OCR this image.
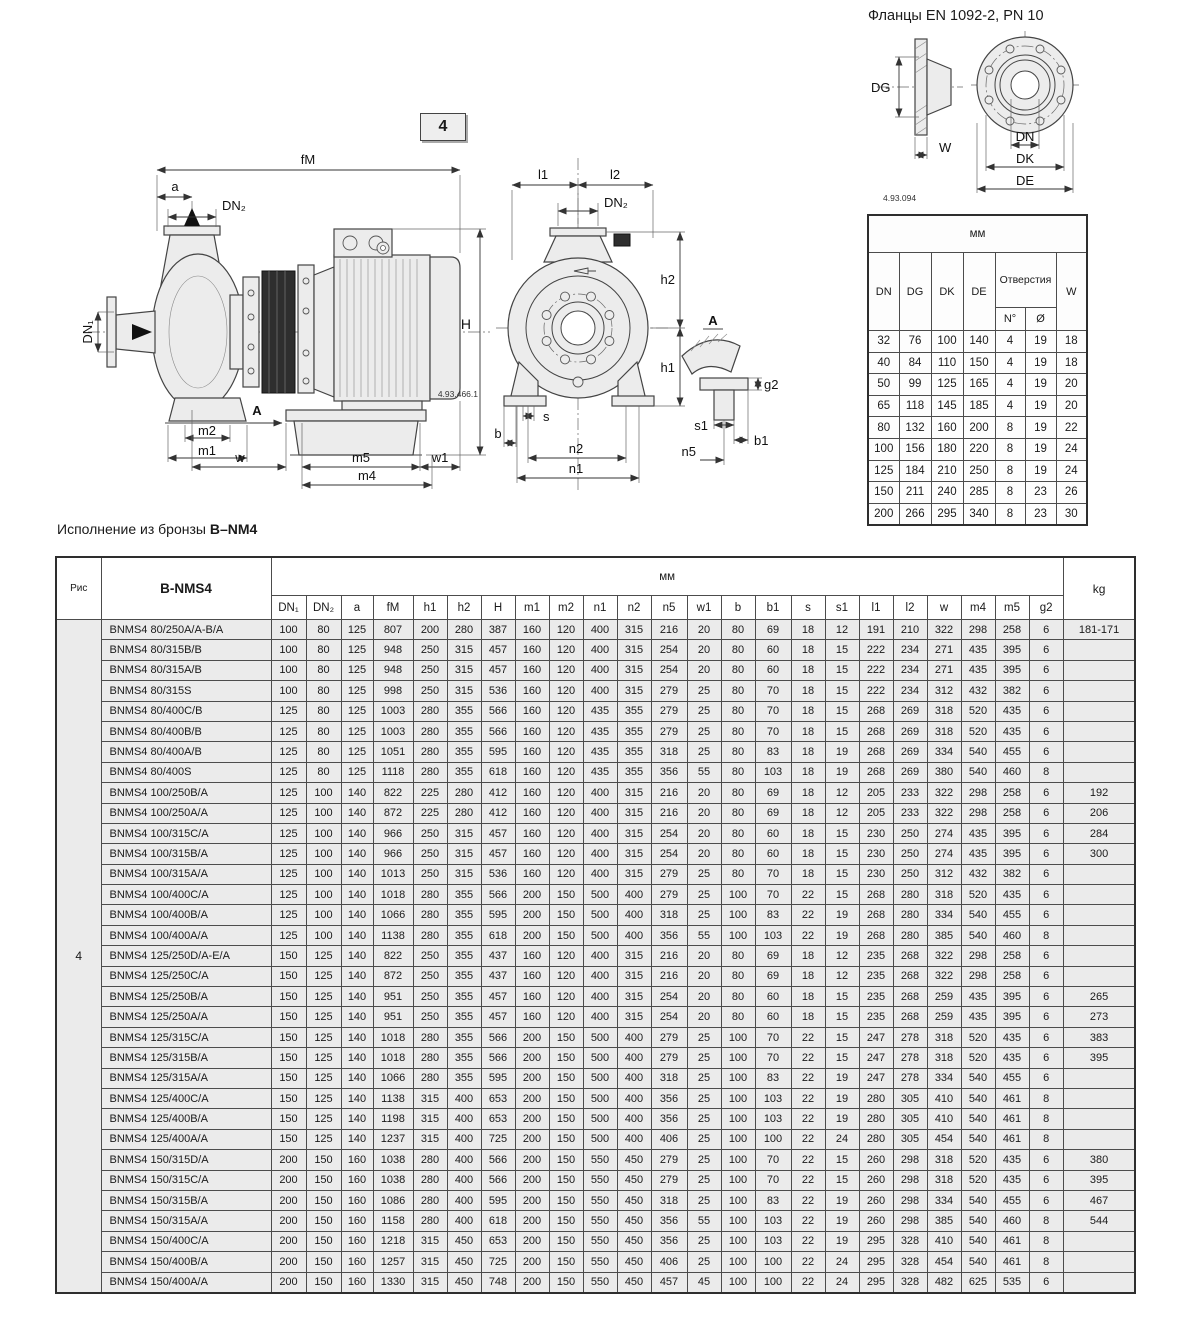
4
fM
a
DN₂
DN₁	H
m2
m1 w	m5	w1
m4
A
4.93.466.1
l1	l2
DN₂
h2
h1
s
b
n2
n1
A
g2
s1
b1
n5
Фланцы EN 1092-2, PN 10
DG
W
4.93.094
DN
DK
DE
мм						
DN	DG	DK	DE	Отверстия		W
				N°	Ø	
32	76	100	140	4	19	18
40	84	110	150	4	19	18
50	99	125	165	4	19	20
65	118	145	185	4	19	20
80	132	160	200	8	19	22
100	156	180	220	8	19	24
125	184	210	250	8	19	24
150	211	240	285	8	23	26
200	266	295	340	8	23	30
Исполнение из бронзы B–NM4
Рис	B-NMS4	мм																							kg
		DN₁	DN₂	a	fM	h1	h2	H	m1	m2	n1	n2	n5	w1	b	b1	s	s1	l1	l2	w	m4	m5	g2	
4	BNMS4 80/250A/A-B/A	100	80	125	807	200	280	387	160	120	400	315	216	20	80	69	18	12	191	210	322	298	258	6	181-171
	BNMS4 80/315B/B	100	80	125	948	250	315	457	160	120	400	315	254	20	80	60	18	15	222	234	271	435	395	6	
	BNMS4 80/315A/B	100	80	125	948	250	315	457	160	120	400	315	254	20	80	60	18	15	222	234	271	435	395	6	
	BNMS4 80/315S	100	80	125	998	250	315	536	160	120	400	315	279	25	80	70	18	15	222	234	312	432	382	6	
	BNMS4 80/400C/B	125	80	125	1003	280	355	566	160	120	435	355	279	25	80	70	18	15	268	269	318	520	435	6	
	BNMS4 80/400B/B	125	80	125	1003	280	355	566	160	120	435	355	279	25	80	70	18	15	268	269	318	520	435	6	
	BNMS4 80/400A/B	125	80	125	1051	280	355	595	160	120	435	355	318	25	80	83	18	19	268	269	334	540	455	6	
	BNMS4 80/400S	125	80	125	1118	280	355	618	160	120	435	355	356	55	80	103	18	19	268	269	380	540	460	8	
	BNMS4 100/250B/A	125	100	140	822	225	280	412	160	120	400	315	216	20	80	69	18	12	205	233	322	298	258	6	192
	BNMS4 100/250A/A	125	100	140	872	225	280	412	160	120	400	315	216	20	80	69	18	12	205	233	322	298	258	6	206
	BNMS4 100/315C/A	125	100	140	966	250	315	457	160	120	400	315	254	20	80	60	18	15	230	250	274	435	395	6	284
	BNMS4 100/315B/A	125	100	140	966	250	315	457	160	120	400	315	254	20	80	60	18	15	230	250	274	435	395	6	300
	BNMS4 100/315A/A	125	100	140	1013	250	315	536	160	120	400	315	279	25	80	70	18	15	230	250	312	432	382	6	
	BNMS4 100/400C/A	125	100	140	1018	280	355	566	200	150	500	400	279	25	100	70	22	15	268	280	318	520	435	6	
	BNMS4 100/400B/A	125	100	140	1066	280	355	595	200	150	500	400	318	25	100	83	22	19	268	280	334	540	455	6	
	BNMS4 100/400A/A	125	100	140	1138	280	355	618	200	150	500	400	356	55	100	103	22	19	268	280	385	540	460	8	
	BNMS4 125/250D/A-E/A	150	125	140	822	250	355	437	160	120	400	315	216	20	80	69	18	12	235	268	322	298	258	6	
	BNMS4 125/250C/A	150	125	140	872	250	355	437	160	120	400	315	216	20	80	69	18	12	235	268	322	298	258	6	
	BNMS4 125/250B/A	150	125	140	951	250	355	457	160	120	400	315	254	20	80	60	18	15	235	268	259	435	395	6	265
	BNMS4 125/250A/A	150	125	140	951	250	355	457	160	120	400	315	254	20	80	60	18	15	235	268	259	435	395	6	273
	BNMS4 125/315C/A	150	125	140	1018	280	355	566	200	150	500	400	279	25	100	70	22	15	247	278	318	520	435	6	383
	BNMS4 125/315B/A	150	125	140	1018	280	355	566	200	150	500	400	279	25	100	70	22	15	247	278	318	520	435	6	395
	BNMS4 125/315A/A	150	125	140	1066	280	355	595	200	150	500	400	318	25	100	83	22	19	247	278	334	540	455	6	
	BNMS4 125/400C/A	150	125	140	1138	315	400	653	200	150	500	400	356	25	100	103	22	19	280	305	410	540	461	8	
	BNMS4 125/400B/A	150	125	140	1198	315	400	653	200	150	500	400	356	25	100	103	22	19	280	305	410	540	461	8	
	BNMS4 125/400A/A	150	125	140	1237	315	400	725	200	150	500	400	406	25	100	100	22	24	280	305	454	540	461	8	
	BNMS4 150/315D/A	200	150	160	1038	280	400	566	200	150	550	450	279	25	100	70	22	15	260	298	318	520	435	6	380
	BNMS4 150/315C/A	200	150	160	1038	280	400	566	200	150	550	450	279	25	100	70	22	15	260	298	318	520	435	6	395
	BNMS4 150/315B/A	200	150	160	1086	280	400	595	200	150	550	450	318	25	100	83	22	19	260	298	334	540	455	6	467
	BNMS4 150/315A/A	200	150	160	1158	280	400	618	200	150	550	450	356	55	100	103	22	19	260	298	385	540	460	8	544
	BNMS4 150/400C/A	200	150	160	1218	315	450	653	200	150	550	450	356	25	100	103	22	19	295	328	410	540	461	8	
	BNMS4 150/400B/A	200	150	160	1257	315	450	725	200	150	550	450	406	25	100	100	22	24	295	328	454	540	461	8	
	BNMS4 150/400A/A	200	150	160	1330	315	450	748	200	150	550	450	457	45	100	100	22	24	295	328	482	625	535	6	
